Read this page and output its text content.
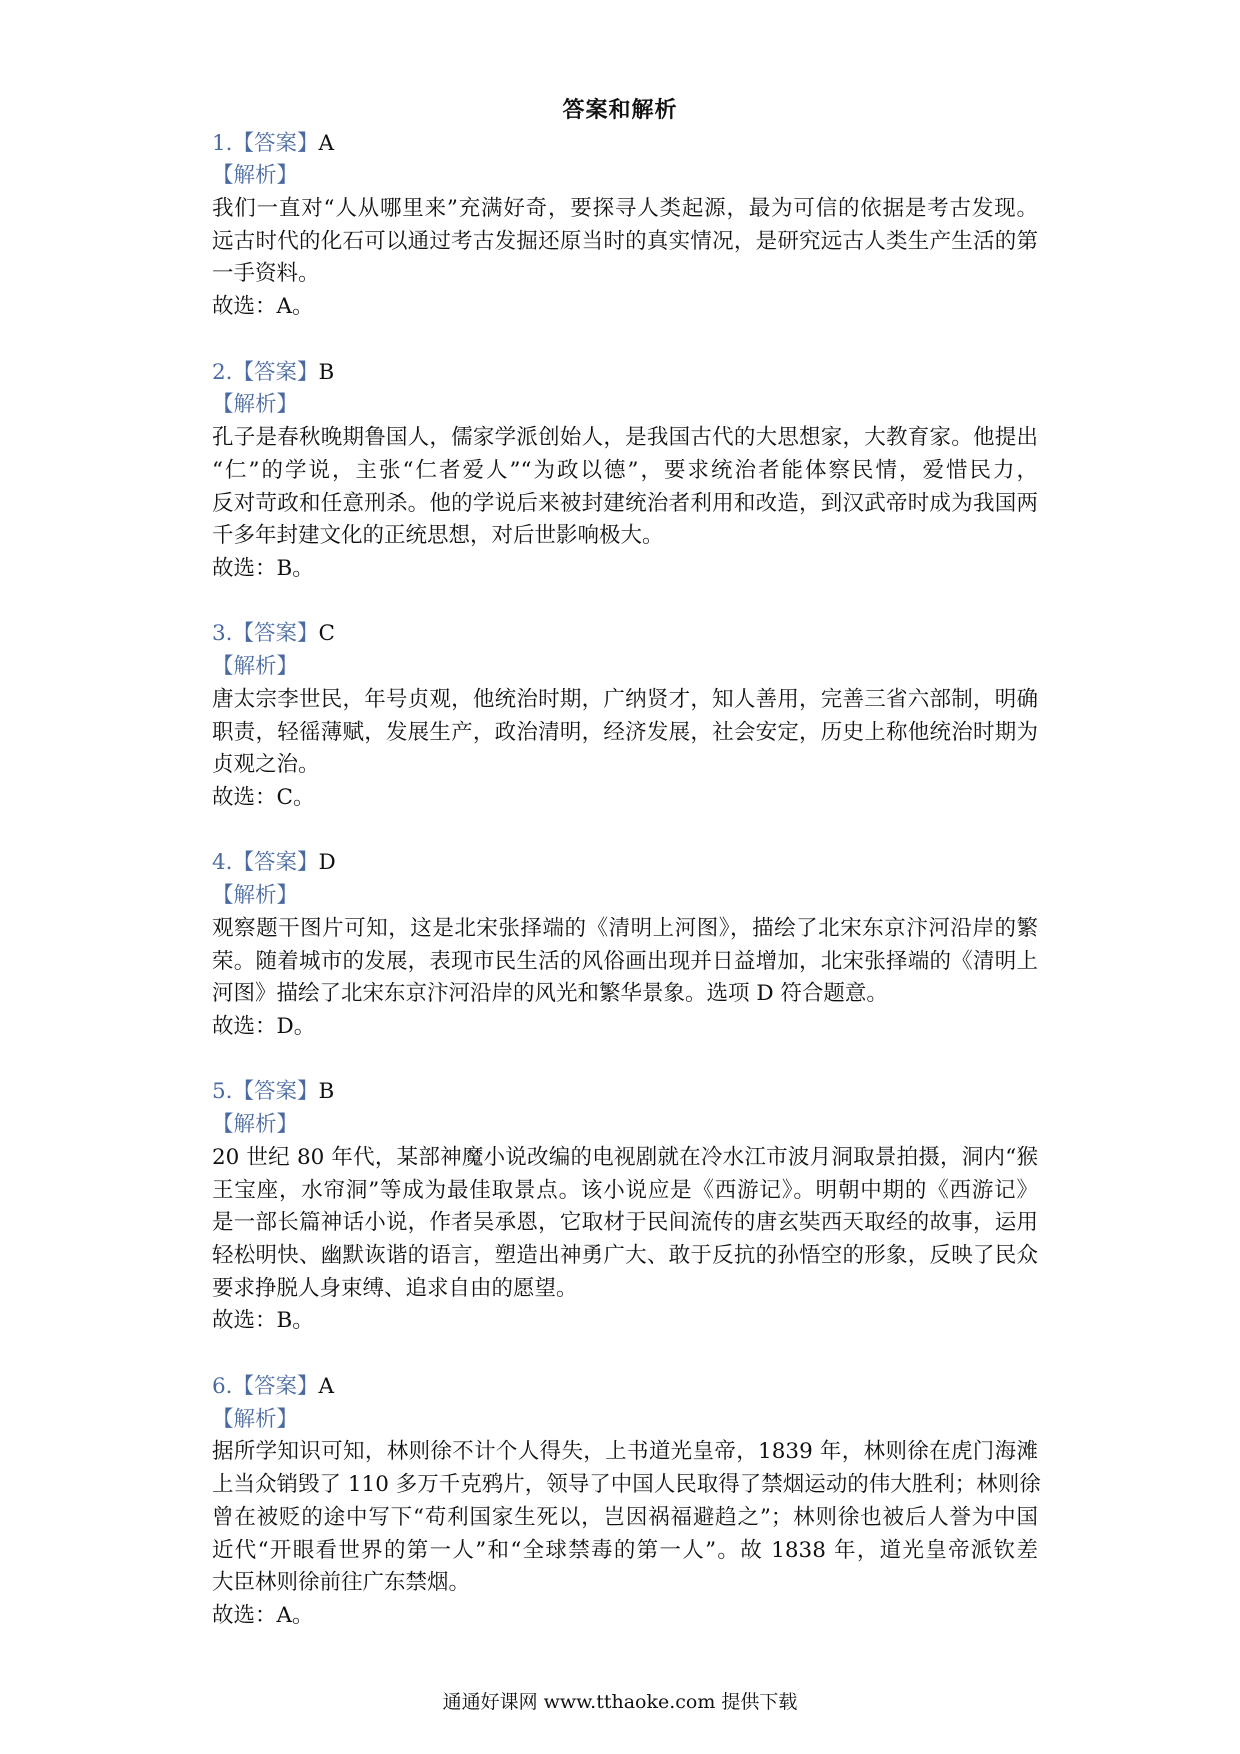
答案和解析
1.【答案】A
【解析】
我们一直对“人从哪里来”充满好奇，要探寻人类起源，最为可信的依据是考古发现。
远古时代的化石可以通过考古发掘还原当时的真实情况，是研究远古人类生产生活的第
一手资料。
故选：A。
2.【答案】B
【解析】
孔子是春秋晚期鲁国人，儒家学派创始人，是我国古代的大思想家，大教育家。他提出
“仁”的学说，主张“仁者爱人”“为政以德”，要求统治者能体察民情，爱惜民力，
反对苛政和任意刑杀。他的学说后来被封建统治者利用和改造，到汉武帝时成为我国两
千多年封建文化的正统思想，对后世影响极大。
故选：B。
3.【答案】C
【解析】
唐太宗李世民，年号贞观，他统治时期，广纳贤才，知人善用，完善三省六部制，明确
职责，轻徭薄赋，发展生产，政治清明，经济发展，社会安定，历史上称他统治时期为
贞观之治。
故选：C。
4.【答案】D
【解析】
观察题干图片可知，这是北宋张择端的《清明上河图》，描绘了北宋东京汴河沿岸的繁
荣。随着城市的发展，表现市民生活的风俗画出现并日益增加，北宋张择端的《清明上
河图》描绘了北宋东京汴河沿岸的风光和繁华景象。选项 D 符合题意。
故选：D。
5.【答案】B
【解析】
20 世纪 80 年代，某部神魔小说改编的电视剧就在冷水江市波月洞取景拍摄，洞内“猴
王宝座，水帘洞”等成为最佳取景点。该小说应是《西游记》。明朝中期的《西游记》
是一部长篇神话小说，作者吴承恩，它取材于民间流传的唐玄奘西天取经的故事，运用
轻松明快、幽默诙谐的语言，塑造出神勇广大、敢于反抗的孙悟空的形象，反映了民众
要求挣脱人身束缚、追求自由的愿望。
故选：B。
6.【答案】A
【解析】
据所学知识可知，林则徐不计个人得失，上书道光皇帝，1839 年，林则徐在虎门海滩
上当众销毁了 110 多万千克鸦片，领导了中国人民取得了禁烟运动的伟大胜利；林则徐
曾在被贬的途中写下“苟利国家生死以，岂因祸福避趋之”；林则徐也被后人誉为中国
近代“开眼看世界的第一人”和“全球禁毒的第一人”。故 1838 年，道光皇帝派钦差
大臣林则徐前往广东禁烟。
故选：A。
通通好课网 www.tthaoke.com 提供下载
